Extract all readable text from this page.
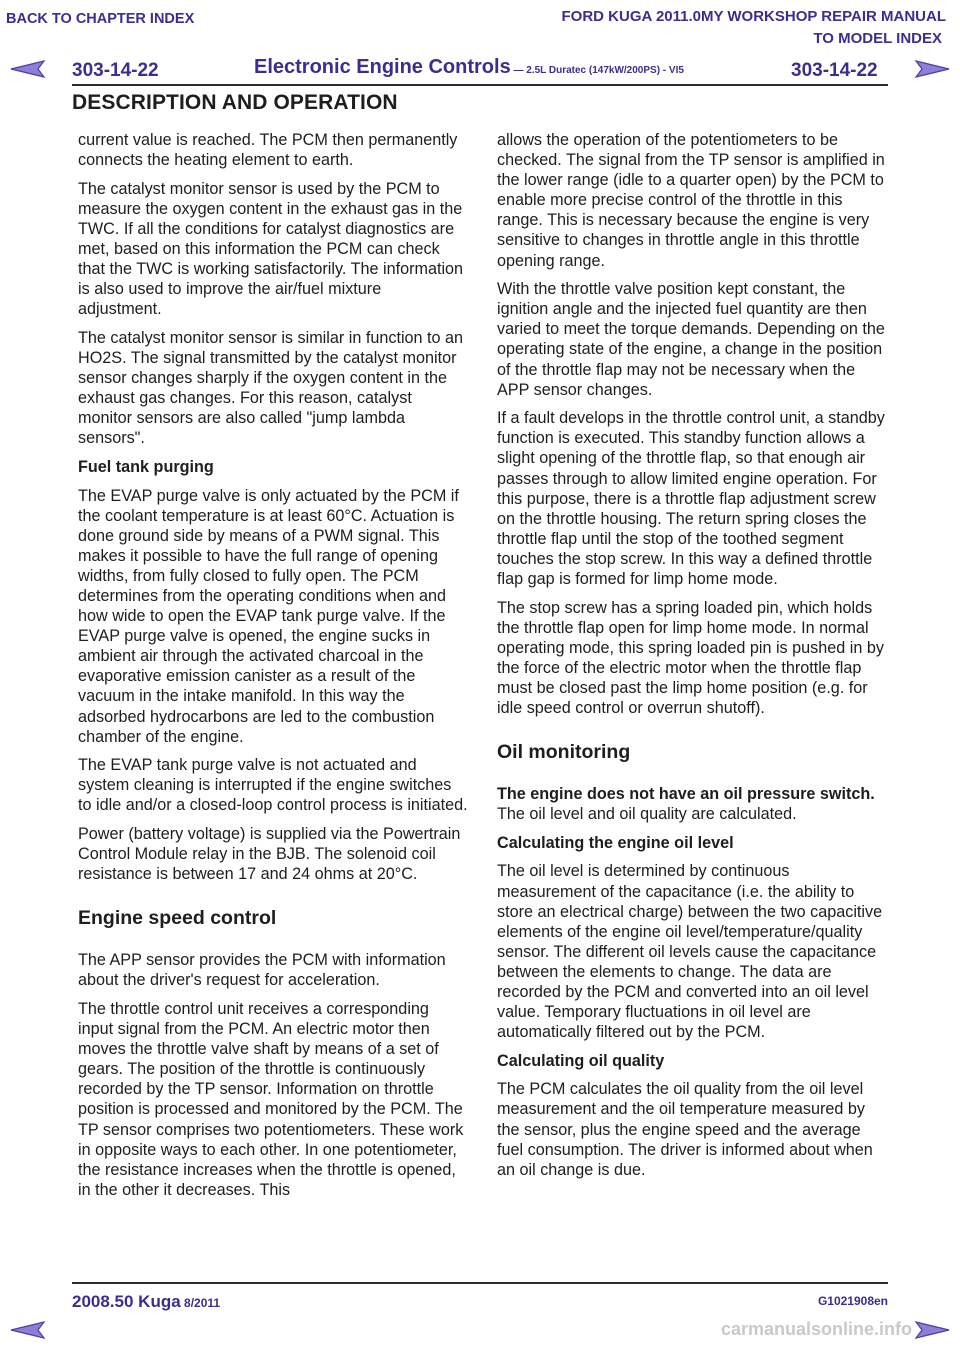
BACK TO CHAPTER INDEX	FORD KUGA 2011.0MY WORKSHOP REPAIR MANUAL
TO MODEL INDEX
303-14-22	Electronic Engine Controls — 2.5L Duratec (147kW/200PS) - VI5	303-14-22
DESCRIPTION AND OPERATION

current value is reached. The PCM then permanently connects the heating element to earth.

The catalyst monitor sensor is used by the PCM to measure the oxygen content in the exhaust gas in the TWC. If all the conditions for catalyst diagnostics are met, based on this information the PCM can check that the TWC is working satisfactorily. The information is also used to improve the air/fuel mixture adjustment.

The catalyst monitor sensor is similar in function to an HO2S. The signal transmitted by the catalyst monitor sensor changes sharply if the oxygen content in the exhaust gas changes. For this reason, catalyst monitor sensors are also called "jump lambda sensors".

Fuel tank purging

The EVAP purge valve is only actuated by the PCM if the coolant temperature is at least 60°C. Actuation is done ground side by means of a PWM signal. This makes it possible to have the full range of opening widths, from fully closed to fully open. The PCM determines from the operating conditions when and how wide to open the EVAP tank purge valve. If the EVAP purge valve is opened, the engine sucks in ambient air through the activated charcoal in the evaporative emission canister as a result of the vacuum in the intake manifold. In this way the adsorbed hydrocarbons are led to the combustion chamber of the engine.

The EVAP tank purge valve is not actuated and system cleaning is interrupted if the engine switches to idle and/or a closed-loop control process is initiated.

Power (battery voltage) is supplied via the Powertrain Control Module relay in the BJB. The solenoid coil resistance is between 17 and 24 ohms at 20°C.

Engine speed control

The APP sensor provides the PCM with information about the driver's request for acceleration.

The throttle control unit receives a corresponding input signal from the PCM. An electric motor then moves the throttle valve shaft by means of a set of gears. The position of the throttle is continuously recorded by the TP sensor. Information on throttle position is processed and monitored by the PCM. The TP sensor comprises two potentiometers. These work in opposite ways to each other. In one potentiometer, the resistance increases when the throttle is opened, in the other it decreases. This

allows the operation of the potentiometers to be checked. The signal from the TP sensor is amplified in the lower range (idle to a quarter open) by the PCM to enable more precise control of the throttle in this range. This is necessary because the engine is very sensitive to changes in throttle angle in this throttle opening range.

With the throttle valve position kept constant, the ignition angle and the injected fuel quantity are then varied to meet the torque demands. Depending on the operating state of the engine, a change in the position of the throttle flap may not be necessary when the APP sensor changes.

If a fault develops in the throttle control unit, a standby function is executed. This standby function allows a slight opening of the throttle flap, so that enough air passes through to allow limited engine operation. For this purpose, there is a throttle flap adjustment screw on the throttle housing. The return spring closes the throttle flap until the stop of the toothed segment touches the stop screw. In this way a defined throttle flap gap is formed for limp home mode.

The stop screw has a spring loaded pin, which holds the throttle flap open for limp home mode. In normal operating mode, this spring loaded pin is pushed in by the force of the electric motor when the throttle flap must be closed past the limp home position (e.g. for idle speed control or overrun shutoff).

Oil monitoring

The engine does not have an oil pressure switch. The oil level and oil quality are calculated.

Calculating the engine oil level

The oil level is determined by continuous measurement of the capacitance (i.e. the ability to store an electrical charge) between the two capacitive elements of the engine oil level/temperature/quality sensor. The different oil levels cause the capacitance between the elements to change. The data are recorded by the PCM and converted into an oil level value. Temporary fluctuations in oil level are automatically filtered out by the PCM.

Calculating oil quality

The PCM calculates the oil quality from the oil level measurement and the oil temperature measured by the sensor, plus the engine speed and the average fuel consumption. The driver is informed about when an oil change is due.

2008.50 Kuga 8/2011	G1021908en
carmanualsonline.info
